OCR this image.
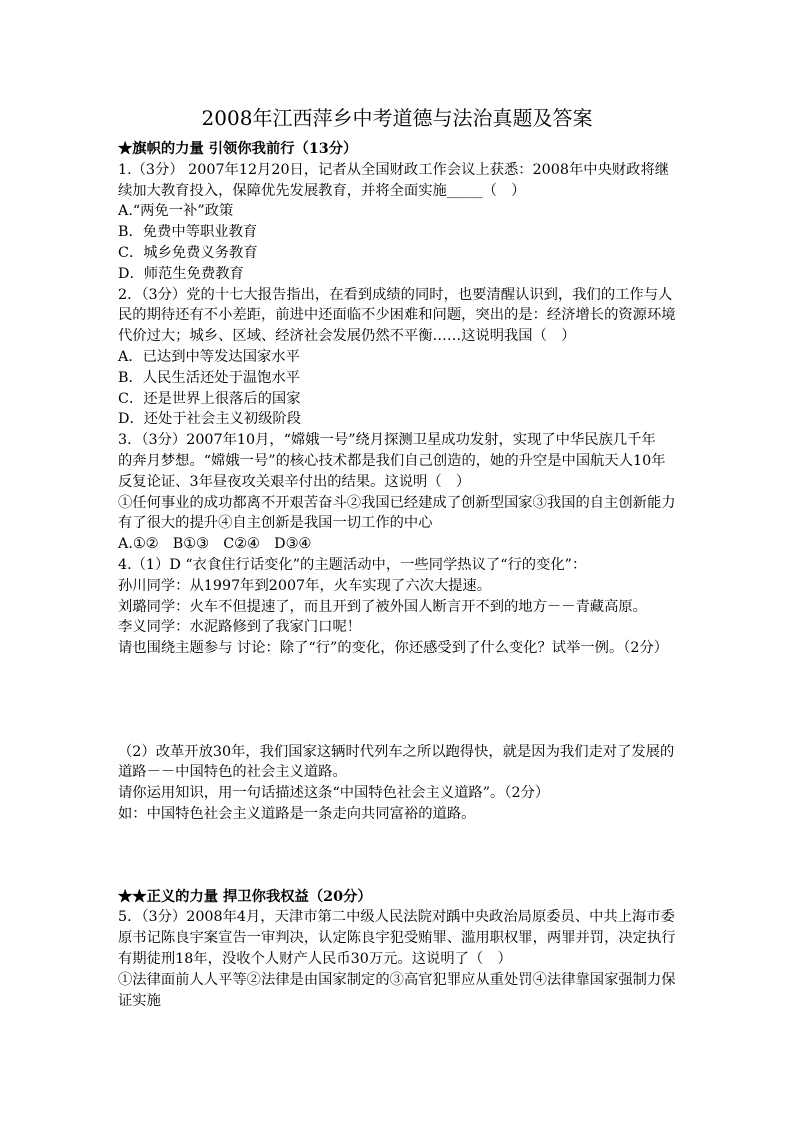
2008年江西萍乡中考道德与法治真题及答案
★旗帜的力量 引领你我前行（13分）
1.（3分） 2007年12月20日，记者从全国财政工作会议上获悉：2008年中央财政将继
续加大教育投入，保障优先发展教育，并将全面实施_____（　）
A.“两免一补”政策
B．免费中等职业教育
C．城乡免费义务教育
D．师范生免费教育
2．（3分）党的十七大报告指出，在看到成绩的同时，也要清醒认识到，我们的工作与人
民的期待还有不小差距，前进中还面临不少困难和问题，突出的是：经济增长的资源环境
代价过大；城乡、区域、经济社会发展仍然不平衡……这说明我国（　）
A．已达到中等发达国家水平
B．人民生活还处于温饱水平
C．还是世界上很落后的国家
D．还处于社会主义初级阶段
3．（3分）2007年10月，“嫦娥一号”绕月探测卫星成功发射，实现了中华民族几千年
的奔月梦想。“嫦娥一号”的核心技术都是我们自己创造的，她的升空是中国航天人10年
反复论证、3年昼夜攻关艰辛付出的结果。这说明（　）
①任何事业的成功都离不开艰苦奋斗②我国已经建成了创新型国家③我国的自主创新能力
有了很大的提升④自主创新是我国一切工作的中心
A.①②　B①③　C②④　D③④
4.（1）D “衣食住行话变化”的主题活动中，一些同学热议了“行的变化”：
孙川同学：从1997年到2007年，火车实现了六次大提速。
刘璐同学：火车不但提速了，而且开到了被外国人断言开不到的地方－－青藏高原。
李义同学：水泥路修到了我家门口呢！
请也围绕主题参与 讨论：除了“行”的变化，你还感受到了什么变化？试举一例。（2分）
（2）改革开放30年，我们国家这辆时代列车之所以跑得快，就是因为我们走对了发展的
道路－－中国特色的社会主义道路。
请你运用知识，用一句话描述这条“中国特色社会主义道路”。（2分）
如：中国特色社会主义道路是一条走向共同富裕的道路。
★★正义的力量 捍卫你我权益（20分）
5．（3分）2008年4月，天津市第二中级人民法院对踽中央政治局原委员、中共上海市委
原书记陈良宇案宣告一审判决，认定陈良宇犯受贿罪、滥用职权罪，两罪并罚，决定执行
有期徒刑18年，没收个人财产人民币30万元。这说明了（　）
①法律面前人人平等②法律是由国家制定的③高官犯罪应从重处罚④法律靠国家强制力保
证实施
